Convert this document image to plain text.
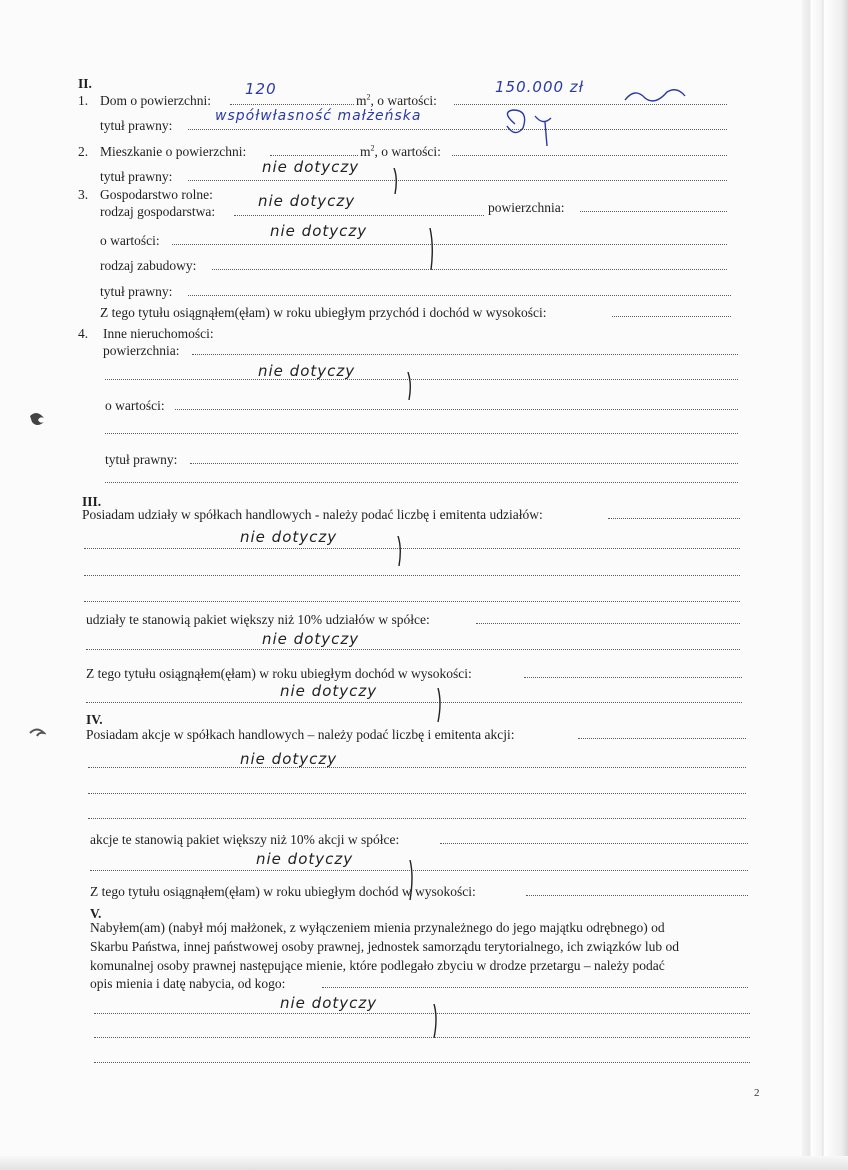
II.
1. Dom o powierzchni:	$m^2$, o wartości:
120	150.000 zł
tytuł prawny:
współwłasność małżeńska
2. Mieszkanie o powierzchni:	$m^2$, o wartości:
tytuł prawny:
nie dotyczy
3. Gospodarstwo rolne:
rodzaj gospodarstwa:	powierzchnia:
nie dotyczy
o wartości:
nie dotyczy
rodzaj zabudowy:
tytuł prawny:
Z tego tytułu osiągnąłem(ęłam) w roku ubiegłym przychód i dochód w wysokości:
4. Inne nieruchomości:
powierzchnia:
nie dotyczy
o wartości:
tytuł prawny:
III.
Posiadam udziały w spółkach handlowych - należy podać liczbę i emitenta udziałów:
nie dotyczy
udziały te stanowią pakiet większy niż 10% udziałów w spółce:
nie dotyczy
Z tego tytułu osiągnąłem(ęłam) w roku ubiegłym dochód w wysokości:
nie dotyczy
IV.
Posiadam akcje w spółkach handlowych – należy podać liczbę i emitenta akcji:
nie dotyczy
akcje te stanowią pakiet większy niż 10% akcji w spółce:
nie dotyczy
Z tego tytułu osiągnąłem(ęłam) w roku ubiegłym dochód w wysokości:
V.
Nabyłem(am) (nabył mój małżonek, z wyłączeniem mienia przynależnego do jego majątku odrębnego) od
Skarbu Państwa, innej państwowej osoby prawnej, jednostek samorządu terytorialnego, ich związków lub od
komunalnej osoby prawnej następujące mienie, które podlegało zbyciu w drodze przetargu – należy podać
opis mienia i datę nabycia, od kogo:
nie dotyczy
2
